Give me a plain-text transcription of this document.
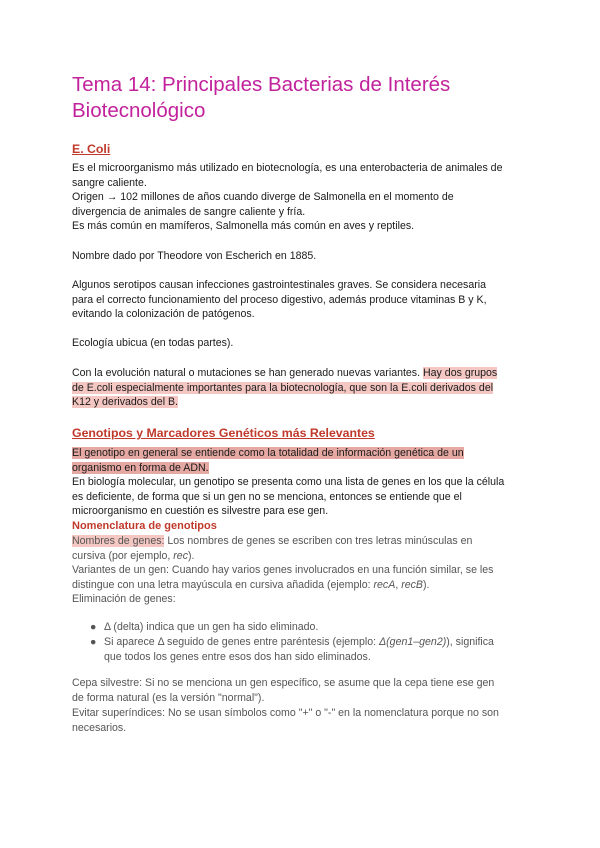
Tema 14: Principales Bacterias de Interés
Biotecnológico
E. Coli

Es el microorganismo más utilizado en biotecnología, es una enterobacteria de animales de
sangre caliente.
Origen → 102 millones de años cuando diverge de Salmonella en el momento de
divergencia de animales de sangre caliente y fría.
Es más común en mamíferos, Salmonella más común en aves y reptiles.

Nombre dado por Theodore von Escherich en 1885.

Algunos serotipos causan infecciones gastrointestinales graves. Se considera necesaria
para el correcto funcionamiento del proceso digestivo, además produce vitaminas B y K,
evitando la colonización de patógenos.

Ecología ubicua (en todas partes).

Con la evolución natural o mutaciones se han generado nuevas variantes. Hay dos grupos
de E.coli especialmente importantes para la biotecnología, que son la E.coli derivados del
K12 y derivados del B.

Genotipos y Marcadores Genéticos más Relevantes

El genotipo en general se entiende como la totalidad de información genética de un
organismo en forma de ADN.

En biología molecular, un genotipo se presenta como una lista de genes en los que la célula
es deficiente, de forma que si un gen no se menciona, entonces se entiende que el
microorganismo en cuestión es silvestre para ese gen.

Nomenclatura de genotipos

Nombres de genes: Los nombres de genes se escriben con tres letras minúsculas en
cursiva (por ejemplo, rec).

Variantes de un gen: Cuando hay varios genes involucrados en una función similar, se les
distingue con una letra mayúscula en cursiva añadida (ejemplo: recA, recB).

Eliminación de genes:

● Δ (delta) indica que un gen ha sido eliminado.
● Si aparece Δ seguido de genes entre paréntesis (ejemplo: Δ(gen1–gen2)), significa
que todos los genes entre esos dos han sido eliminados.

Cepa silvestre: Si no se menciona un gen específico, se asume que la cepa tiene ese gen
de forma natural (es la versión "normal").

Evitar superíndices: No se usan símbolos como "+" o "-" en la nomenclatura porque no son
necesarios.
